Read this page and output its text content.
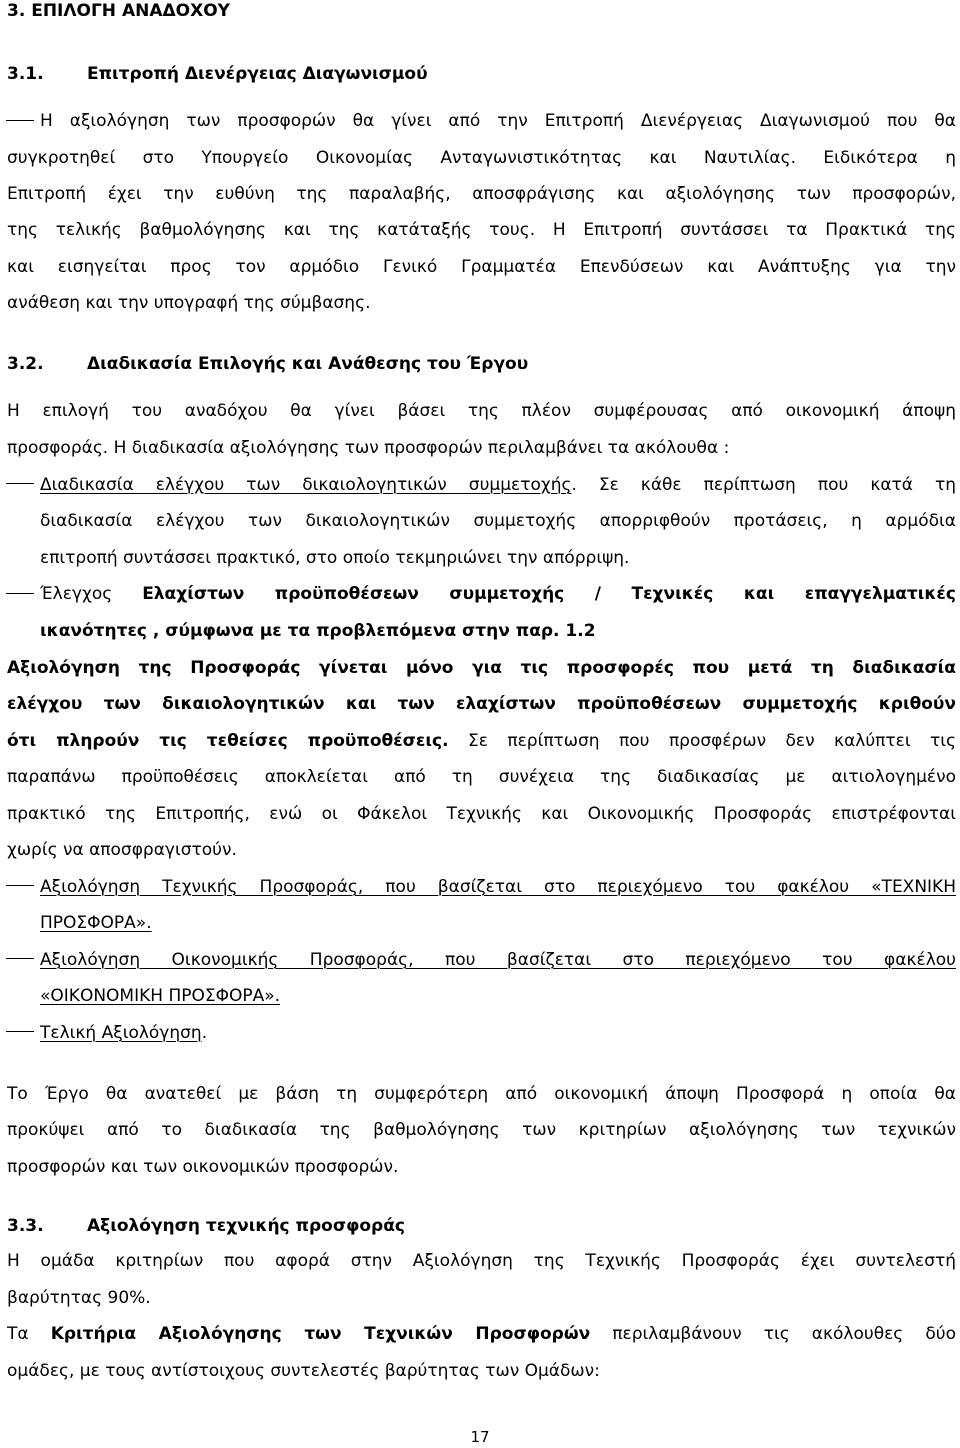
3. ΕΠΙΛΟΓΗ ΑΝΑΔΟΧΟΥ
3.1.	Επιτροπή Διενέργειας Διαγωνισμού
Η αξιολόγηση των προσφορών θα γίνει από την Επιτροπή Διενέργειας Διαγωνισμού που θα
συγκροτηθεί στο Υπουργείο Οικονομίας Ανταγωνιστικότητας και Ναυτιλίας. Ειδικότερα η
Επιτροπή έχει την ευθύνη της παραλαβής, αποσφράγισης και αξιολόγησης των προσφορών,
της τελικής βαθμολόγησης και της κατάταξής τους. Η Επιτροπή συντάσσει τα Πρακτικά της
και εισηγείται προς τον αρμόδιο Γενικό Γραμματέα Επενδύσεων και Ανάπτυξης για την
ανάθεση και την υπογραφή της σύμβασης.
3.2.	Διαδικασία Επιλογής και Ανάθεσης του Έργου
Η επιλογή του αναδόχου θα γίνει βάσει της πλέον συμφέρουσας από οικονομική άποψη
προσφοράς. Η διαδικασία αξιολόγησης των προσφορών περιλαμβάνει τα ακόλουθα :
Διαδικασία ελέγχου των δικαιολογητικών συμμετοχής. Σε κάθε περίπτωση που κατά τη
διαδικασία ελέγχου των δικαιολογητικών συμμετοχής απορριφθούν προτάσεις, η αρμόδια
επιτροπή συντάσσει πρακτικό, στο οποίο τεκμηριώνει την απόρριψη.
Έλεγχος Ελαχίστων προϋποθέσεων συμμετοχής / Τεχνικές και επαγγελματικές
ικανότητες , σύμφωνα με τα προβλεπόμενα στην παρ. 1.2
Αξιολόγηση της Προσφοράς γίνεται μόνο για τις προσφορές που μετά τη διαδικασία
ελέγχου των δικαιολογητικών και των ελαχίστων προϋποθέσεων συμμετοχής κριθούν
ότι πληρούν τις τεθείσες προϋποθέσεις. Σε περίπτωση που προσφέρων δεν καλύπτει τις
παραπάνω προϋποθέσεις αποκλείεται από τη συνέχεια της διαδικασίας με αιτιολογημένο
πρακτικό της Επιτροπής, ενώ οι Φάκελοι Τεχνικής και Οικονομικής Προσφοράς επιστρέφονται
χωρίς να αποσφραγιστούν.
Αξιολόγηση Τεχνικής Προσφοράς, που βασίζεται στο περιεχόμενο του φακέλου «ΤΕΧΝΙΚΗ
ΠΡΟΣΦΟΡΑ».
Αξιολόγηση Οικονομικής Προσφοράς, που βασίζεται στο περιεχόμενο του φακέλου
«ΟΙΚΟΝΟΜΙΚΗ ΠΡΟΣΦΟΡΑ».
Τελική Αξιολόγηση.
Το Έργο θα ανατεθεί με βάση τη συμφερότερη από οικονομική άποψη Προσφορά η οποία θα
προκύψει από το διαδικασία της βαθμολόγησης των κριτηρίων αξιολόγησης των τεχνικών
προσφορών και των οικονομικών προσφορών.
3.3.	Αξιολόγηση τεχνικής προσφοράς
Η ομάδα κριτηρίων που αφορά στην Αξιολόγηση της Τεχνικής Προσφοράς έχει συντελεστή
βαρύτητας 90%.
Τα Κριτήρια Αξιολόγησης των Τεχνικών Προσφορών περιλαμβάνουν τις ακόλουθες δύο
ομάδες, με τους αντίστοιχους συντελεστές βαρύτητας των Ομάδων:
17
